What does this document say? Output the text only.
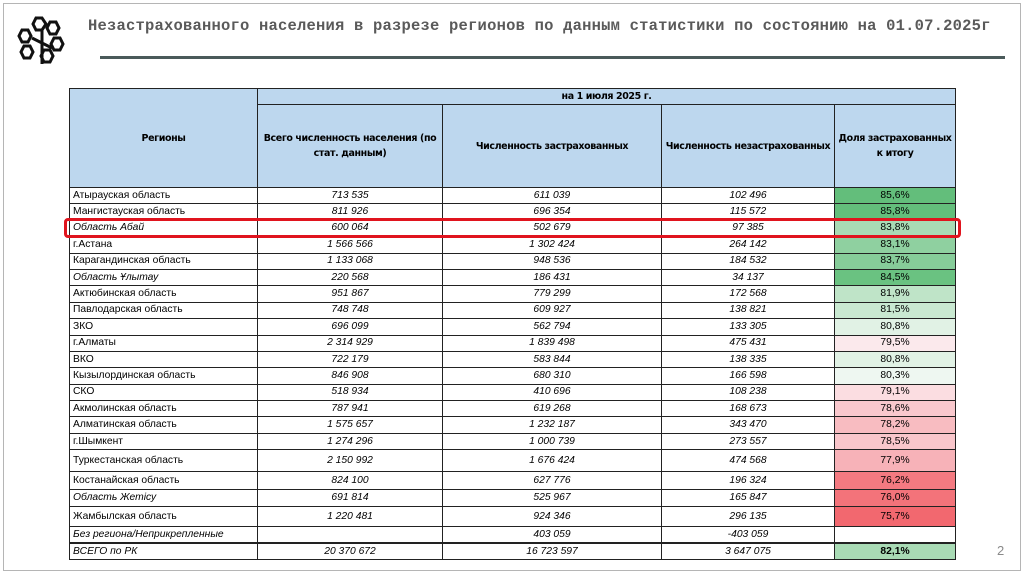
Незастрахованного населения в разрезе регионов по данным статистики по состоянию на 01.07.2025г
Регионы	на 1 июля 2025 г.			
	Всего численность населения (по стат. данным)	Численность застрахованных	Численность незастрахованных	Доля застрахованных к итогу
Атырауская область	713 535	611 039	102 496	85,6%
Мангистауская область	811 926	696 354	115 572	85,8%
Область Абай	600 064	502 679	97 385	83,8%
г.Астана	1 566 566	1 302 424	264 142	83,1%
Карагандинская область	1 133 068	948 536	184 532	83,7%
Область Ұлытау	220 568	186 431	34 137	84,5%
Актюбинская область	951 867	779 299	172 568	81,9%
Павлодарская область	748 748	609 927	138 821	81,5%
ЗКО	696 099	562 794	133 305	80,8%
г.Алматы	2 314 929	1 839 498	475 431	79,5%
ВКО	722 179	583 844	138 335	80,8%
Кызылординская область	846 908	680 310	166 598	80,3%
СКО	518 934	410 696	108 238	79,1%
Акмолинская область	787 941	619 268	168 673	78,6%
Алматинская область	1 575 657	1 232 187	343 470	78,2%
г.Шымкент	1 274 296	1 000 739	273 557	78,5%
Туркестанская область	2 150 992	1 676 424	474 568	77,9%
Костанайская область	824 100	627 776	196 324	76,2%
Область Жетісу	691 814	525 967	165 847	76,0%
Жамбылская область	1 220 481	924 346	296 135	75,7%
Без региона/Неприкрепленные		403 059	-403 059	
ВСЕГО по РК	20 370 672	16 723 597	3 647 075	82,1%	2
